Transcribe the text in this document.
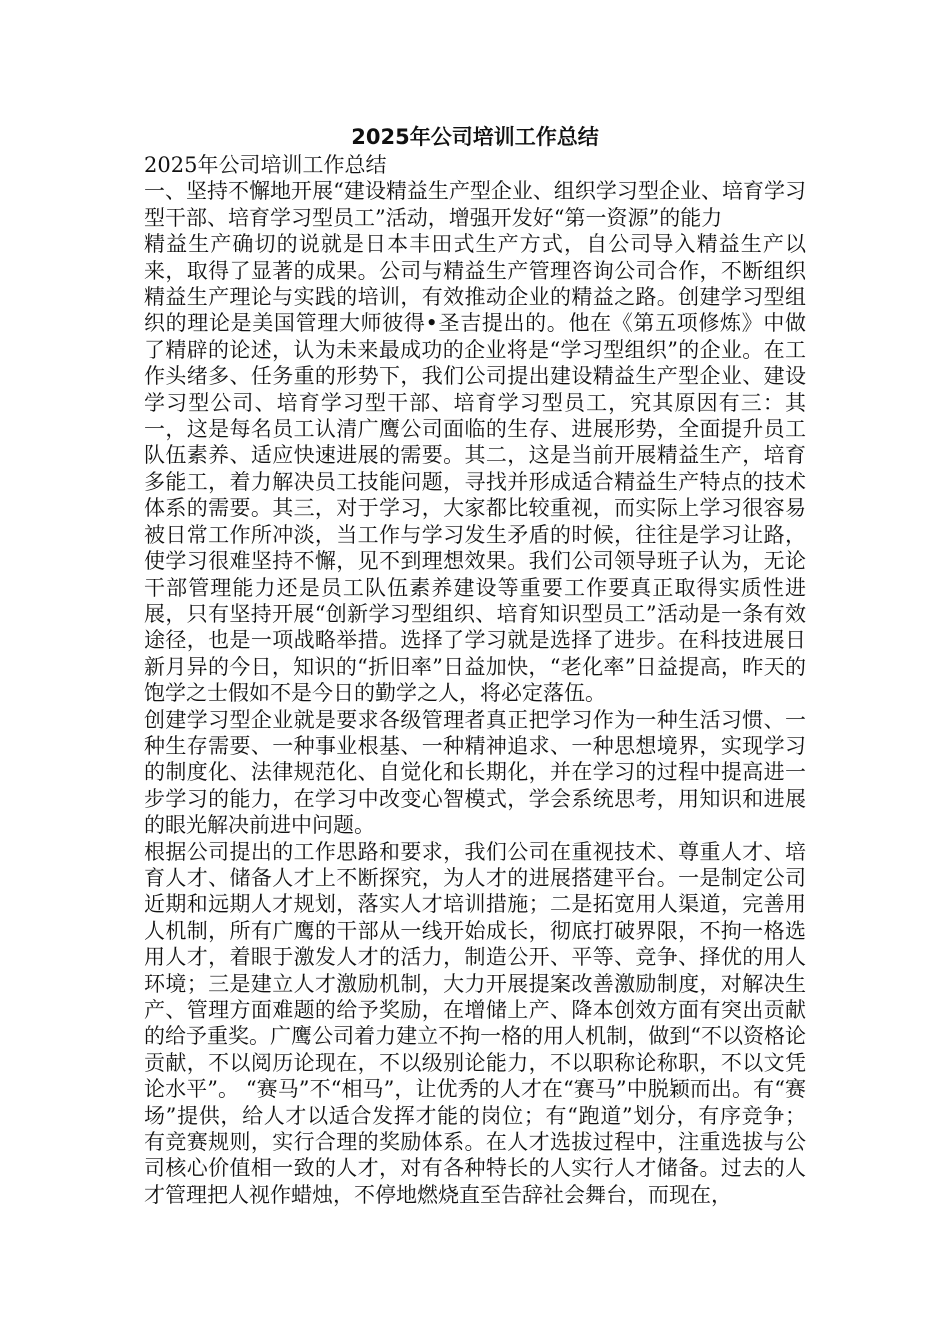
2025年公司培训工作总结

2025年公司培训工作总结

一、坚持不懈地开展“建设精益生产型企业、组织学习型企业、培育学习型干部、培育学习型员工”活动，增强开发好“第一资源”的能力

精益生产确切的说就是日本丰田式生产方式，自公司导入精益生产以来，取得了显著的成果。公司与精益生产管理咨询公司合作，不断组织精益生产理论与实践的培训，有效推动企业的精益之路。创建学习型组织的理论是美国管理大师彼得•圣吉提出的。他在《第五项修炼》中做了精辟的论述，认为未来最成功的企业将是“学习型组织”的企业。在工作头绪多、任务重的形势下，我们公司提出建设精益生产型企业、建设学习型公司、培育学习型干部、培育学习型员工，究其原因有三：其一，这是每名员工认清广鹰公司面临的生存、进展形势，全面提升员工队伍素养、适应快速进展的需要。其二，这是当前开展精益生产，培育多能工，着力解决员工技能问题，寻找并形成适合精益生产特点的技术体系的需要。其三，对于学习，大家都比较重视，而实际上学习很容易被日常工作所冲淡，当工作与学习发生矛盾的时候，往往是学习让路，使学习很难坚持不懈，见不到理想效果。我们公司领导班子认为，无论干部管理能力还是员工队伍素养建设等重要工作要真正取得实质性进展，只有坚持开展“创新学习型组织、培育知识型员工”活动是一条有效途径，也是一项战略举措。选择了学习就是选择了进步。在科技进展日新月异的今日，知识的“折旧率”日益加快，“老化率”日益提高，昨天的饱学之士假如不是今日的勤学之人，将必定落伍。

创建学习型企业就是要求各级管理者真正把学习作为一种生活习惯、一种生存需要、一种事业根基、一种精神追求、一种思想境界，实现学习的制度化、法律规范化、自觉化和长期化，并在学习的过程中提高进一步学习的能力，在学习中改变心智模式，学会系统思考，用知识和进展的眼光解决前进中问题。

根据公司提出的工作思路和要求，我们公司在重视技术、尊重人才、培育人才、储备人才上不断探究，为人才的进展搭建平台。一是制定公司近期和远期人才规划，落实人才培训措施；二是拓宽用人渠道，完善用人机制，所有广鹰的干部从一线开始成长，彻底打破界限，不拘一格选用人才，着眼于激发人才的活力，制造公开、平等、竞争、择优的用人环境；三是建立人才激励机制，大力开展提案改善激励制度，对解决生产、管理方面难题的给予奖励，在增储上产、降本创效方面有突出贡献的给予重奖。广鹰公司着力建立不拘一格的用人机制，做到“不以资格论贡献，不以阅历论现在，不以级别论能力，不以职称论称职，不以文凭论水平”。 “赛马”不“相马”，让优秀的人才在“赛马”中脱颖而出。有“赛场”提供，给人才以适合发挥才能的岗位；有“跑道”划分，有序竞争；有竞赛规则，实行合理的奖励体系。在人才选拔过程中，注重选拔与公司核心价值相一致的人才，对有各种特长的人实行人才储备。过去的人才管理把人视作蜡烛，不停地燃烧直至告辞社会舞台，而现在，
